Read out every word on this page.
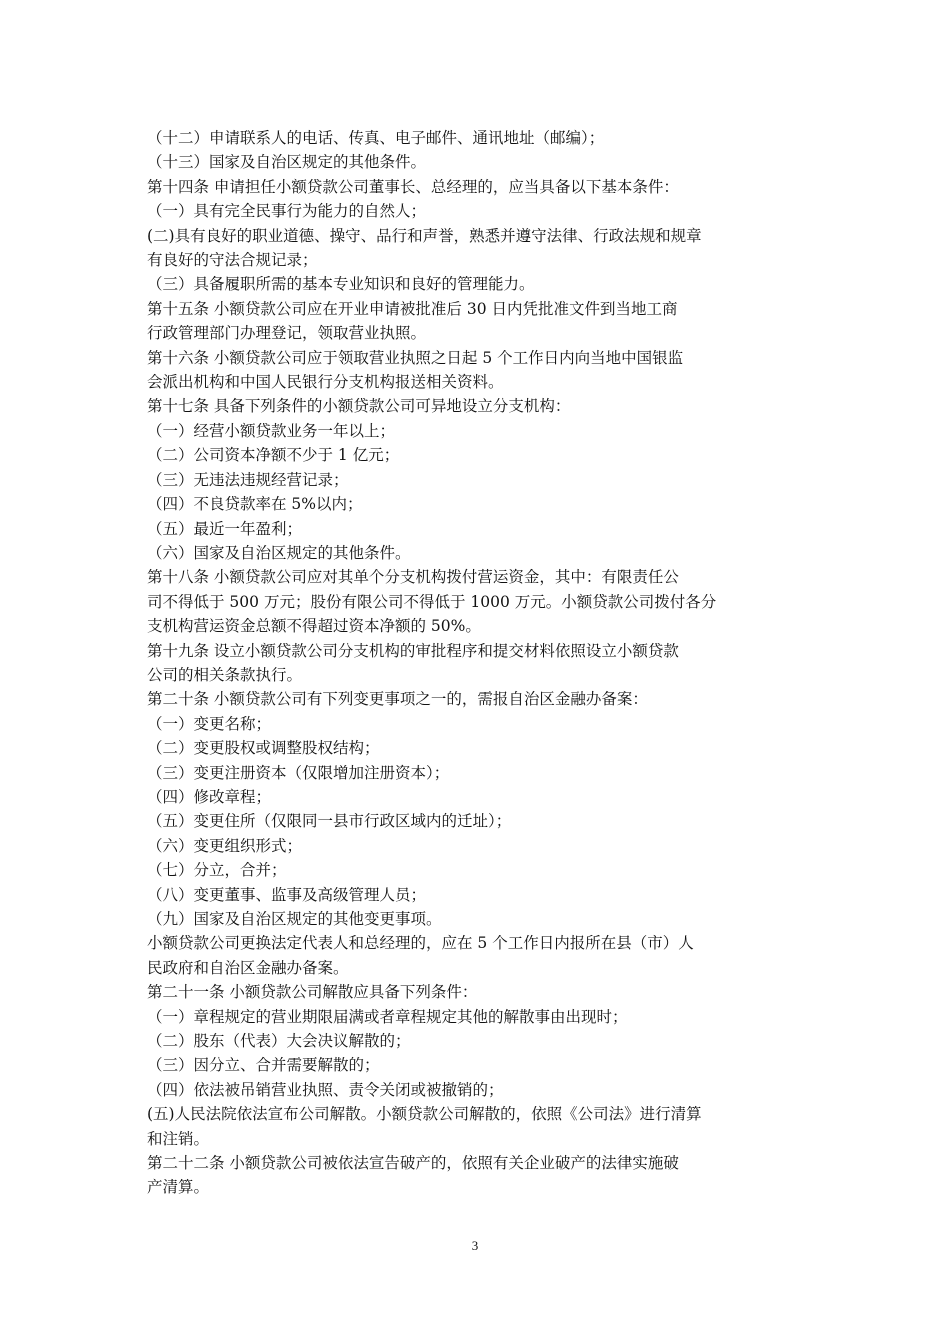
（十二）申请联系人的电话、传真、电子邮件、通讯地址（邮编）；
（十三）国家及自治区规定的其他条件。
第十四条 申请担任小额贷款公司董事长、总经理的，应当具备以下基本条件：
（一）具有完全民事行为能力的自然人；
(二)具有良好的职业道德、操守、品行和声誉，熟悉并遵守法律、行政法规和规章
有良好的守法合规记录；
（三）具备履职所需的基本专业知识和良好的管理能力。
第十五条 小额贷款公司应在开业申请被批准后 30 日内凭批准文件到当地工商
行政管理部门办理登记，领取营业执照。
第十六条 小额贷款公司应于领取营业执照之日起 5 个工作日内向当地中国银监
会派出机构和中国人民银行分支机构报送相关资料。
第十七条 具备下列条件的小额贷款公司可异地设立分支机构：
（一）经营小额贷款业务一年以上；
（二）公司资本净额不少于 1 亿元；
（三）无违法违规经营记录；
（四）不良贷款率在 5%以内；
（五）最近一年盈利；
（六）国家及自治区规定的其他条件。
第十八条 小额贷款公司应对其单个分支机构拨付营运资金，其中：有限责任公
司不得低于 500 万元；股份有限公司不得低于 1000 万元。小额贷款公司拨付各分
支机构营运资金总额不得超过资本净额的 50%。
第十九条 设立小额贷款公司分支机构的审批程序和提交材料依照设立小额贷款
公司的相关条款执行。
第二十条 小额贷款公司有下列变更事项之一的，需报自治区金融办备案：
（一）变更名称；
（二）变更股权或调整股权结构；
（三）变更注册资本（仅限增加注册资本）；
（四）修改章程；
（五）变更住所（仅限同一县市行政区域内的迁址）；
（六）变更组织形式；
（七）分立，合并；
（八）变更董事、监事及高级管理人员；
（九）国家及自治区规定的其他变更事项。
小额贷款公司更换法定代表人和总经理的，应在 5 个工作日内报所在县（市）人
民政府和自治区金融办备案。
第二十一条 小额贷款公司解散应具备下列条件：
（一）章程规定的营业期限届满或者章程规定其他的解散事由出现时；
（二）股东（代表）大会决议解散的；
（三）因分立、合并需要解散的；
（四）依法被吊销营业执照、责令关闭或被撤销的；
(五)人民法院依法宣布公司解散。小额贷款公司解散的，依照《公司法》进行清算
和注销。
第二十二条 小额贷款公司被依法宣告破产的，依照有关企业破产的法律实施破
产清算。
3
